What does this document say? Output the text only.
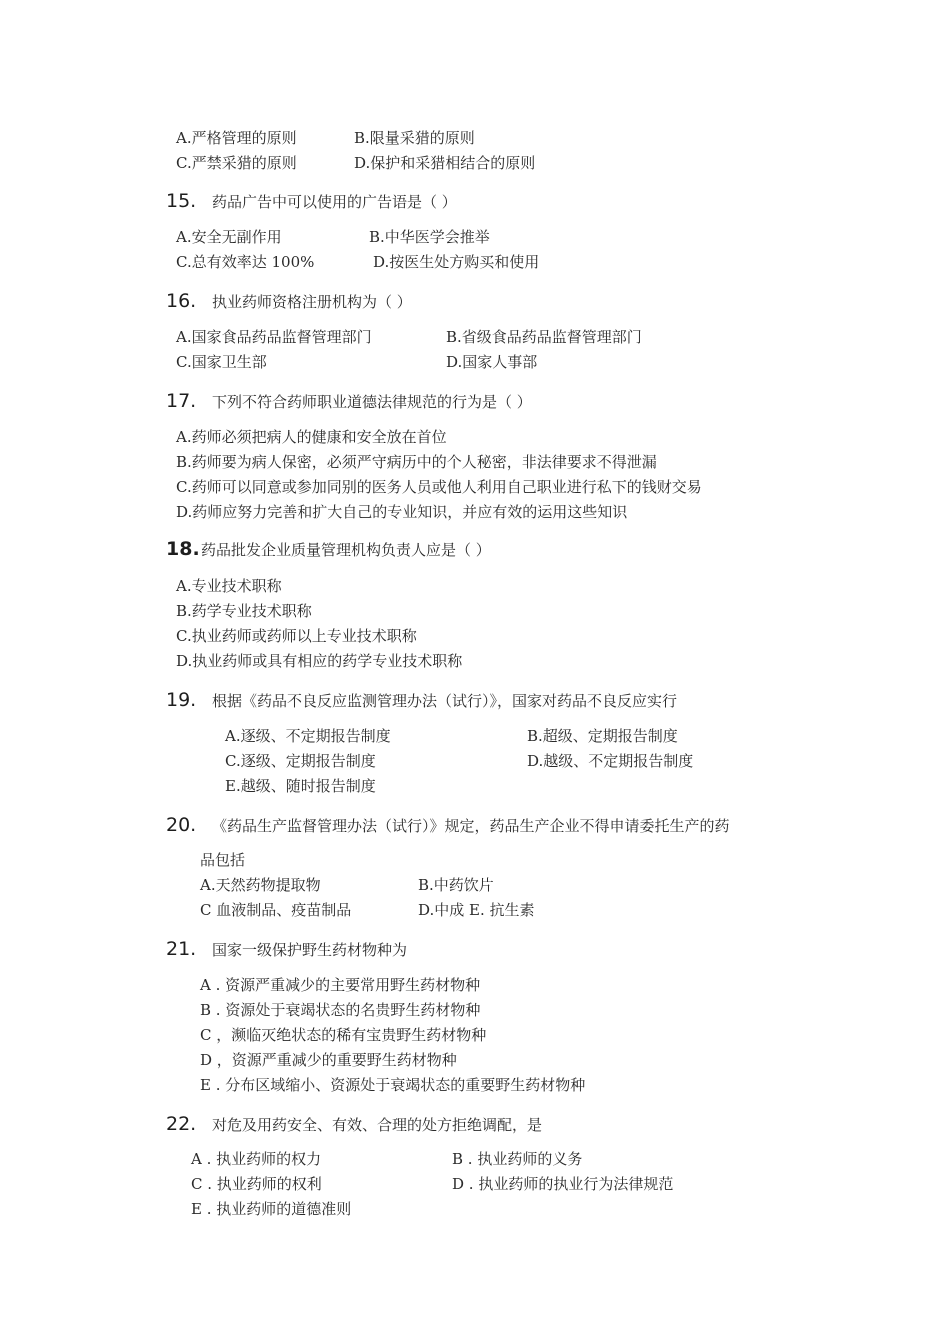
A.严格管理的原则	B.限量采猎的原则
C.严禁采猎的原则	D.保护和采猎相结合的原则
15. 药品广告中可以使用的广告语是（ ）
A.安全无副作用	B.中华医学会推举
C.总有效率达 100%	D.按医生处方购买和使用
16. 执业药师资格注册机构为（ ）
A.国家食品药品监督管理部门	B.省级食品药品监督管理部门
C.国家卫生部	D.国家人事部
17. 下列不符合药师职业道德法律规范的行为是（ ）
A.药师必须把病人的健康和安全放在首位
B.药师要为病人保密，必须严守病历中的个人秘密，非法律要求不得泄漏
C.药师可以同意或参加同别的医务人员或他人利用自己职业进行私下的钱财交易
D.药师应努力完善和扩大自己的专业知识，并应有效的运用这些知识
18. 药品批发企业质量管理机构负责人应是（ ）
A.专业技术职称
B.药学专业技术职称
C.执业药师或药师以上专业技术职称
D.执业药师或具有相应的药学专业技术职称
19. 根据《药品不良反应监测管理办法（试行）》，国家对药品不良反应实行
A.逐级、不定期报告制度	B.超级、定期报告制度
C.逐级、定期报告制度	D.越级、不定期报告制度
E.越级、随时报告制度
20. 《药品生产监督管理办法（试行）》规定，药品生产企业不得申请委托生产的药
品包括
A.天然药物提取物	B.中药饮片
C 血液制品、疫苗制品	D.中成 E. 抗生素
21. 国家一级保护野生药材物种为
A . 资源严重减少的主要常用野生药材物种
B . 资源处于衰竭状态的名贵野生药材物种
C ，濒临灭绝状态的稀有宝贵野生药材物种
D ，资源严重减少的重要野生药材物种
E . 分布区域缩小、资源处于衰竭状态的重要野生药材物种
22. 对危及用药安全、有效、合理的处方拒绝调配，是
A . 执业药师的权力	B . 执业药师的义务
C . 执业药师的权利	D . 执业药师的执业行为法律规范
E . 执业药师的道德准则
